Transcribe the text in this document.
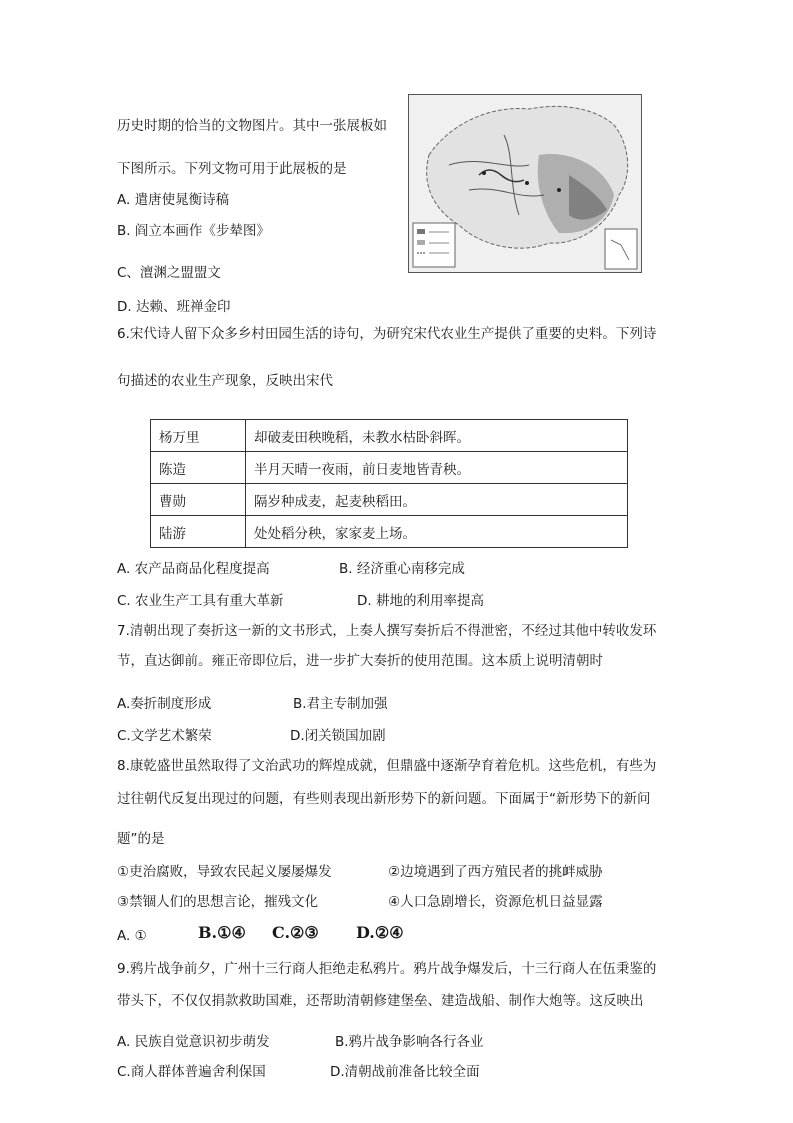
历史时期的恰当的文物图片。其中一张展板如
下图所示。下列文物可用于此展板的是
A. 遣唐使晁衡诗稿
B. 阎立本画作《步辇图》
C、澶渊之盟盟文
D. 达赖、班禅金印
6.宋代诗人留下众多乡村田园生活的诗句，为研究宋代农业生产提供了重要的史料。下列诗
句描述的农业生产现象，反映出宋代
杨万里	却破麦田秧晚稻，未教水枯卧斜晖。
陈造	半月天晴一夜雨，前日麦地皆青秧。
曹勋	隔岁种成麦，起麦秧稻田。
陆游	处处稻分秧，家家麦上场。
A. 农产品商品化程度提高	B. 经济重心南移完成
C. 农业生产工具有重大革新	D. 耕地的利用率提高
7.清朝出现了奏折这一新的文书形式，上奏人撰写奏折后不得泄密，不经过其他中转收发环
节，直达御前。雍正帝即位后，进一步扩大奏折的使用范围。这本质上说明清朝时
A.奏折制度形成	B.君主专制加强
C.文学艺术繁荣	D.闭关锁国加剧
8.康乾盛世虽然取得了文治武功的辉煌成就，但鼎盛中逐渐孕育着危机。这些危机，有些为
过往朝代反复出现过的问题，有些则表现出新形势下的新问题。下面属于“新形势下的新问
题”的是
①吏治腐败，导致农民起义屡屡爆发	②边境遇到了西方殖民者的挑衅威胁
③禁锢人们的思想言论，摧残文化	④人口急剧增长，资源危机日益显露
A. ①	B.①④ C.②③ D.②④
9.鸦片战争前夕，广州十三行商人拒绝走私鸦片。鸦片战争爆发后，十三行商人在伍秉鉴的
带头下，不仅仅捐款救助国难，还帮助清朝修建堡垒、建造战船、制作大炮等。这反映出
A. 民族自觉意识初步萌发	B.鸦片战争影响各行各业
C.商人群体普遍舍利保国	D.清朝战前准备比较全面
